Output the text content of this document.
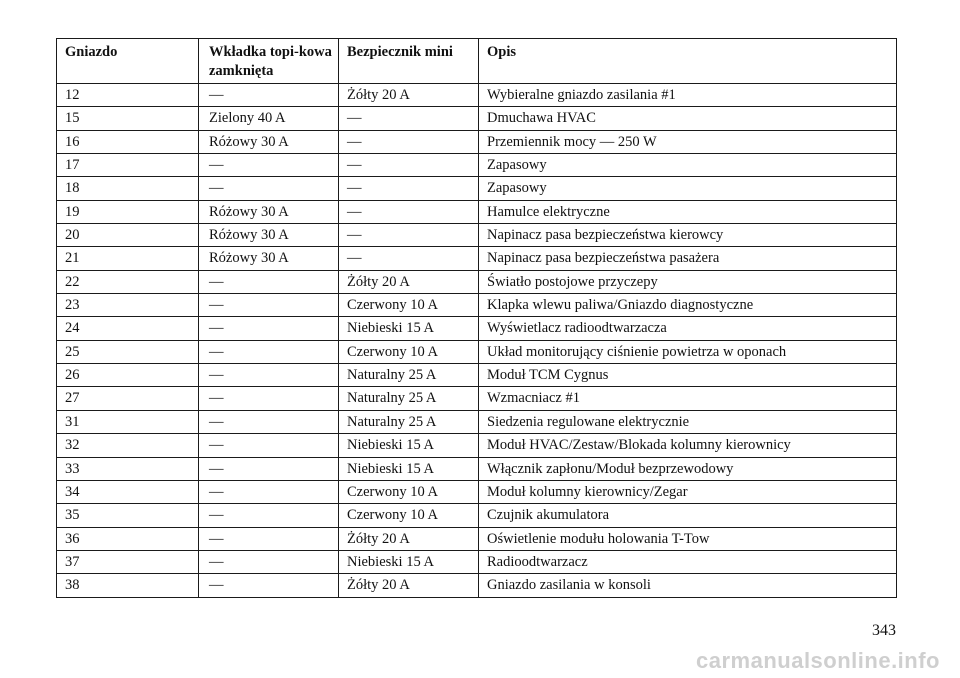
Gniazdo	Wkładka topi-kowa zamknięta	Bezpiecznik mini	Opis
12	—	Żółty 20 A	Wybieralne gniazdo zasilania #1
15	Zielony 40 A	—	Dmuchawa HVAC
16	Różowy 30 A	—	Przemiennik mocy — 250 W
17	—	—	Zapasowy
18	—	—	Zapasowy
19	Różowy 30 A	—	Hamulce elektryczne
20	Różowy 30 A	—	Napinacz pasa bezpieczeństwa kierowcy
21	Różowy 30 A	—	Napinacz pasa bezpieczeństwa pasażera
22	—	Żółty 20 A	Światło postojowe przyczepy
23	—	Czerwony 10 A	Klapka wlewu paliwa/Gniazdo diagnostyczne
24	—	Niebieski 15 A	Wyświetlacz radioodtwarzacza
25	—	Czerwony 10 A	Układ monitorujący ciśnienie powietrza w oponach
26	—	Naturalny 25 A	Moduł TCM Cygnus
27	—	Naturalny 25 A	Wzmacniacz #1
31	—	Naturalny 25 A	Siedzenia regulowane elektrycznie
32	—	Niebieski 15 A	Moduł HVAC/Zestaw/Blokada kolumny kierownicy
33	—	Niebieski 15 A	Włącznik zapłonu/Moduł bezprzewodowy
34	—	Czerwony 10 A	Moduł kolumny kierownicy/Zegar
35	—	Czerwony 10 A	Czujnik akumulatora
36	—	Żółty 20 A	Oświetlenie modułu holowania T-Tow
37	—	Niebieski 15 A	Radioodtwarzacz
38	—	Żółty 20 A	Gniazdo zasilania w konsoli
343
carmanualsonline.info
